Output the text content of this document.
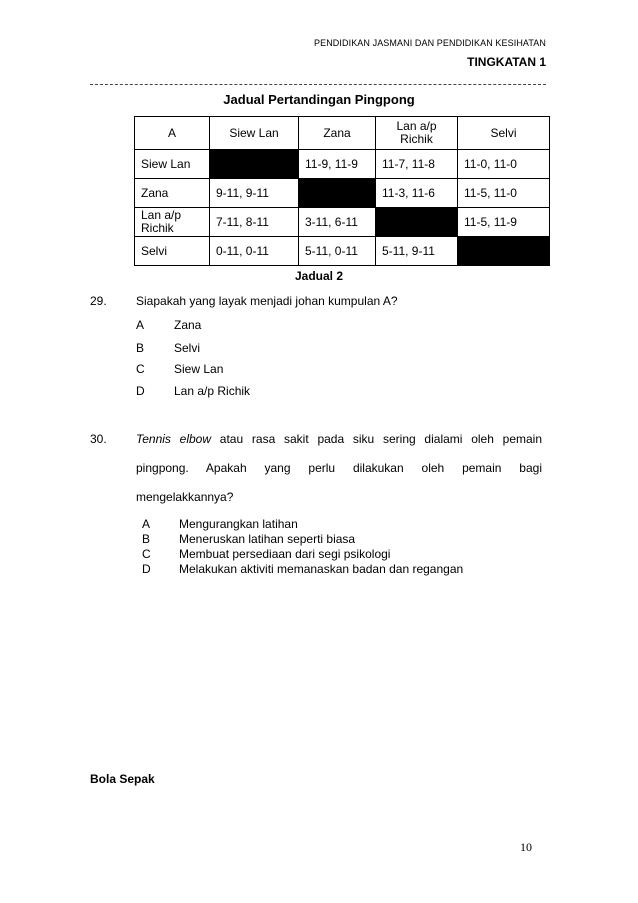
PENDIDIKAN JASMANI DAN PENDIDIKAN KESIHATAN
TINGKATAN 1
Jadual Pertandingan Pingpong
A	Siew Lan	Zana	Lan a/p Richik	Selvi
Siew Lan		11-9, 11-9	11-7, 11-8	11-0, 11-0
Zana	9-11, 9-11		11-3, 11-6	11-5, 11-0
Lan a/p Richik	7-11, 8-11	3-11, 6-11		11-5, 11-9
Selvi	0-11, 0-11	5-11, 0-11	5-11, 9-11	
Jadual 2
29. Siapakah yang layak menjadi johan kumpulan A?
A Zana
B Selvi
C Siew Lan
D Lan a/p Richik
30. Tennis elbow atau rasa sakit pada siku sering dialami oleh pemain
pingpong. Apakah yang perlu dilakukan oleh pemain bagi
mengelakkannya?
A Mengurangkan latihan
B Meneruskan latihan seperti biasa
C Membuat persediaan dari segi psikologi
D Melakukan aktiviti memanaskan badan dan regangan
Bola Sepak
10
